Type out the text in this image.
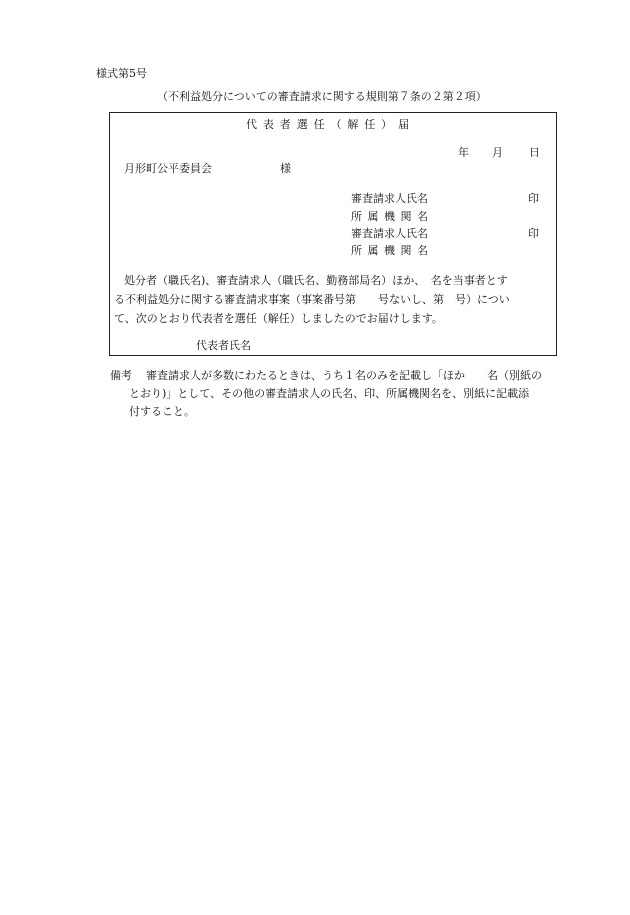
様式第5号
（不利益処分についての審査請求に関する規則第７条の２第２項）
代 表 者 選 任 （ 解 任 ） 届
年 月 日
月形町公平委員会	様
審査請求人氏名	印
所属機関名
審査請求人氏名	印
所属機関名
処分者（職氏名)、審査請求人（職氏名、勤務部局名）ほか、　名を当事者とす
る不利益処分に関する審査請求事案（事案番号第　　号ないし、第　号）につい
て、次のとおり代表者を選任（解任）しましたのでお届けします。
代表者氏名
備考 審査請求人が多数にわたるときは、うち１名のみを記載し「ほか　　名（別紙の
とおり)」として、その他の審査請求人の氏名、印、所属機関名を、別紙に記載添
付すること。
